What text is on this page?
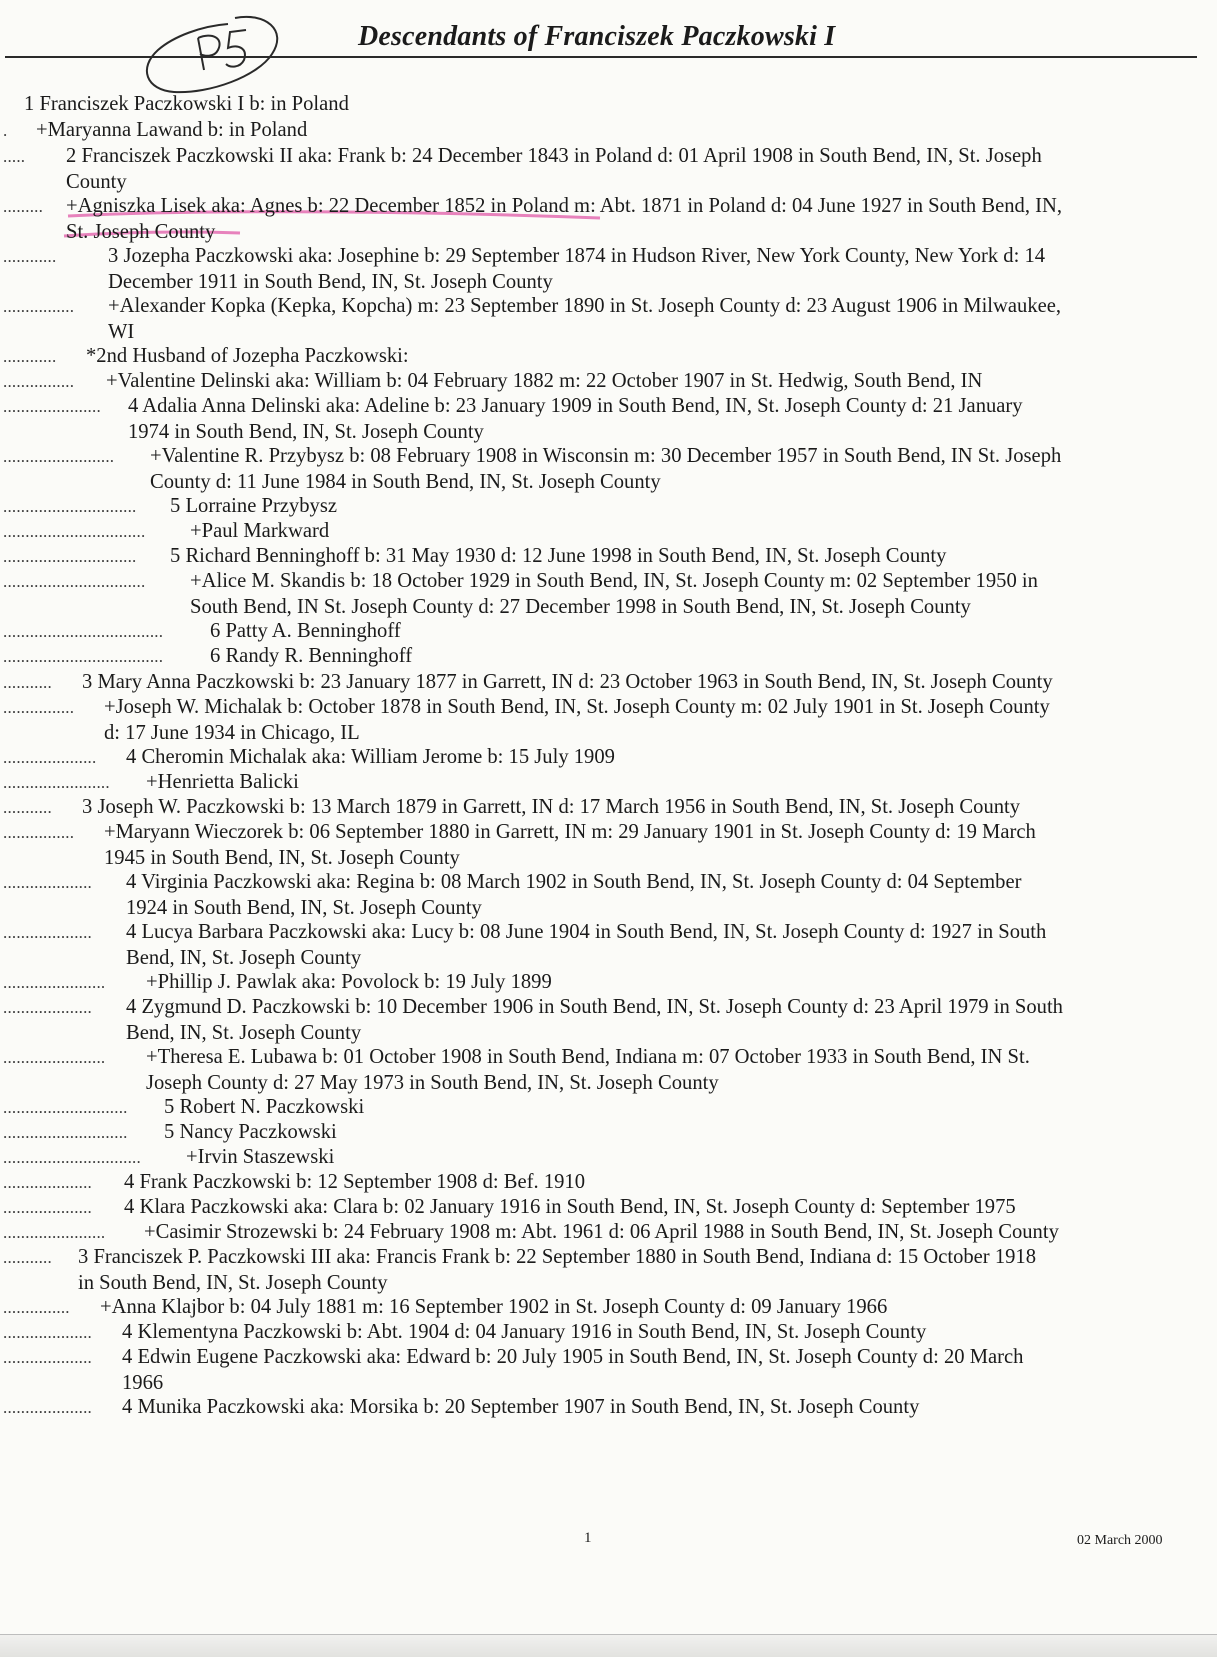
Descendants of Franciszek Paczkowski I
1 Franciszek Paczkowski I b: in Poland
. +Maryanna Lawand b: in Poland
..... 2 Franciszek Paczkowski II aka: Frank b: 24 December 1843 in Poland d: 01 April 1908 in South Bend, IN, St. Joseph
County
......... +Agniszka Lisek aka: Agnes b: 22 December 1852 in Poland m: Abt. 1871 in Poland d: 04 June 1927 in South Bend, IN,
St. Joseph County
............	3 Jozepha Paczkowski aka: Josephine b: 29 September 1874 in Hudson River, New York County, New York d: 14
December 1911 in South Bend, IN, St. Joseph County
................ +Alexander Kopka (Kepka, Kopcha) m: 23 September 1890 in St. Joseph County d: 23 August 1906 in Milwaukee,
WI
............ *2nd Husband of Jozepha Paczkowski:
................ +Valentine Delinski aka: William b: 04 February 1882 m: 22 October 1907 in St. Hedwig, South Bend, IN
...................... 4 Adalia Anna Delinski aka: Adeline b: 23 January 1909 in South Bend, IN, St. Joseph County d: 21 January
1974 in South Bend, IN, St. Joseph County
......................... +Valentine R. Przybysz b: 08 February 1908 in Wisconsin m: 30 December 1957 in South Bend, IN St. Joseph
County d: 11 June 1984 in South Bend, IN, St. Joseph County
.............................. 5 Lorraine Przybysz
................................ +Paul Markward
.............................. 5 Richard Benninghoff b: 31 May 1930 d: 12 June 1998 in South Bend, IN, St. Joseph County
................................ +Alice M. Skandis b: 18 October 1929 in South Bend, IN, St. Joseph County m: 02 September 1950 in
South Bend, IN St. Joseph County d: 27 December 1998 in South Bend, IN, St. Joseph County
.................................... 6 Patty A. Benninghoff
.................................... 6 Randy R. Benninghoff
........... 3 Mary Anna Paczkowski b: 23 January 1877 in Garrett, IN d: 23 October 1963 in South Bend, IN, St. Joseph County
................ +Joseph W. Michalak b: October 1878 in South Bend, IN, St. Joseph County m: 02 July 1901 in St. Joseph County
d: 17 June 1934 in Chicago, IL
..................... 4 Cheromin Michalak aka: William Jerome b: 15 July 1909
........................ +Henrietta Balicki
........... 3 Joseph W. Paczkowski b: 13 March 1879 in Garrett, IN d: 17 March 1956 in South Bend, IN, St. Joseph County
................ +Maryann Wieczorek b: 06 September 1880 in Garrett, IN m: 29 January 1901 in St. Joseph County d: 19 March
1945 in South Bend, IN, St. Joseph County
.................... 4 Virginia Paczkowski aka: Regina b: 08 March 1902 in South Bend, IN, St. Joseph County d: 04 September
1924 in South Bend, IN, St. Joseph County
.................... 4 Lucya Barbara Paczkowski aka: Lucy b: 08 June 1904 in South Bend, IN, St. Joseph County d: 1927 in South
Bend, IN, St. Joseph County
....................... +Phillip J. Pawlak aka: Povolock b: 19 July 1899
.................... 4 Zygmund D. Paczkowski b: 10 December 1906 in South Bend, IN, St. Joseph County d: 23 April 1979 in South
Bend, IN, St. Joseph County
....................... +Theresa E. Lubawa b: 01 October 1908 in South Bend, Indiana m: 07 October 1933 in South Bend, IN St.
Joseph County d: 27 May 1973 in South Bend, IN, St. Joseph County
............................ 5 Robert N. Paczkowski
............................ 5 Nancy Paczkowski
............................... +Irvin Staszewski
.................... 4 Frank Paczkowski b: 12 September 1908 d: Bef. 1910
.................... 4 Klara Paczkowski aka: Clara b: 02 January 1916 in South Bend, IN, St. Joseph County d: September 1975
....................... +Casimir Strozewski b: 24 February 1908 m: Abt. 1961 d: 06 April 1988 in South Bend, IN, St. Joseph County
........... 3 Franciszek P. Paczkowski III aka: Francis Frank b: 22 September 1880 in South Bend, Indiana d: 15 October 1918
in South Bend, IN, St. Joseph County
............... +Anna Klajbor b: 04 July 1881 m: 16 September 1902 in St. Joseph County d: 09 January 1966
.................... 4 Klementyna Paczkowski b: Abt. 1904 d: 04 January 1916 in South Bend, IN, St. Joseph County
.................... 4 Edwin Eugene Paczkowski aka: Edward b: 20 July 1905 in South Bend, IN, St. Joseph County d: 20 March
1966
.................... 4 Munika Paczkowski aka: Morsika b: 20 September 1907 in South Bend, IN, St. Joseph County
1	02 March 2000
